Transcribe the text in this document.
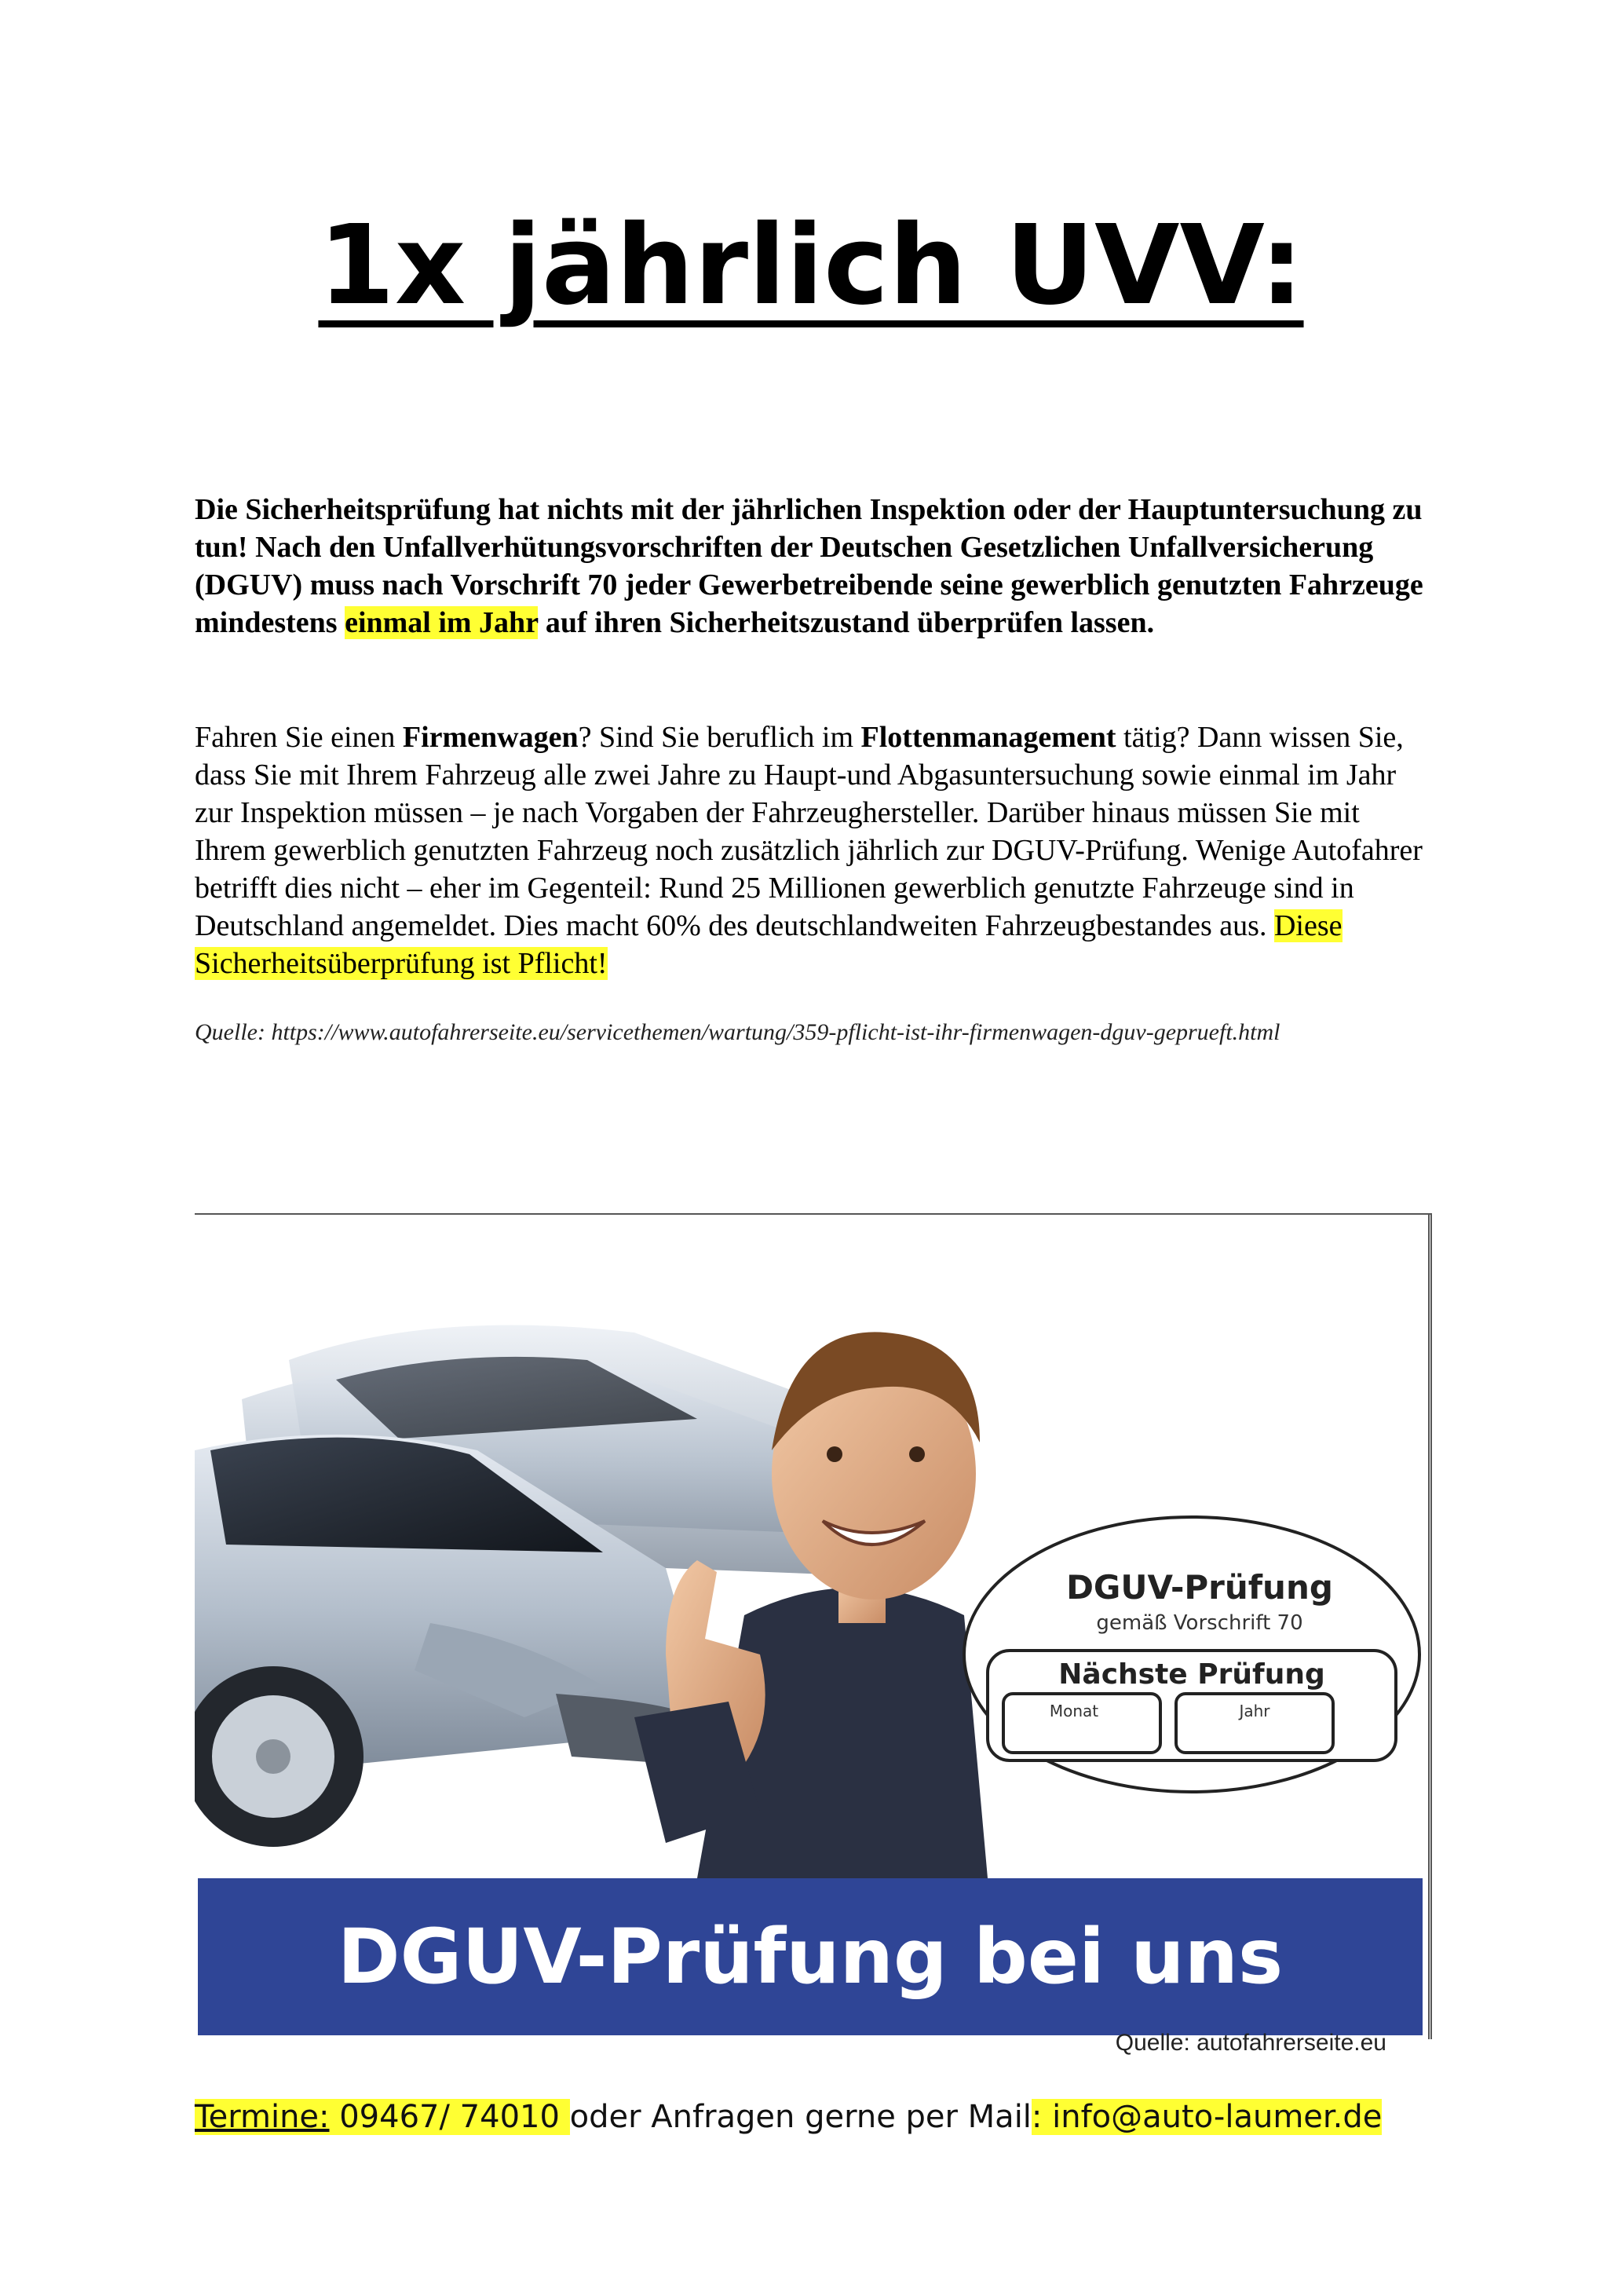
1x jährlich UVV:
Die Sicherheitsprüfung hat nichts mit der jährlichen Inspektion oder der Hauptuntersuchung zu tun! Nach den Unfallverhütungsvorschriften der Deutschen Gesetzlichen Unfallversicherung (DGUV) muss nach Vorschrift 70 jeder Gewerbetreibende seine gewerblich genutzten Fahrzeuge mindestens einmal im Jahr auf ihren Sicherheitszustand überprüfen lassen.
Fahren Sie einen Firmenwagen? Sind Sie beruflich im Flottenmanagement tätig? Dann wissen Sie, dass Sie mit Ihrem Fahrzeug alle zwei Jahre zu Haupt-und Abgasuntersuchung sowie einmal im Jahr zur Inspektion müssen – je nach Vorgaben der Fahrzeughersteller. Darüber hinaus müssen Sie mit Ihrem gewerblich genutzten Fahrzeug noch zusätzlich jährlich zur DGUV-Prüfung. Wenige Autofahrer betrifft dies nicht – eher im Gegenteil: Rund 25 Millionen gewerblich genutzte Fahrzeuge sind in Deutschland angemeldet. Dies macht 60% des deutschlandweiten Fahrzeugbestandes aus. Diese Sicherheitsüberprüfung ist Pflicht!
Quelle: https://www.autofahrerseite.eu/servicethemen/wartung/359-pflicht-ist-ihr-firmenwagen-dguv-geprueft.html
DGUV-Prüfung
gemäß Vorschrift 70
Nächste Prüfung
Monat	Jahr
DGUV-Prüfung bei uns
Quelle: autofahrerseite.eu
Termine: 09467/ 74010 oder Anfragen gerne per Mail: info@auto-laumer.de
